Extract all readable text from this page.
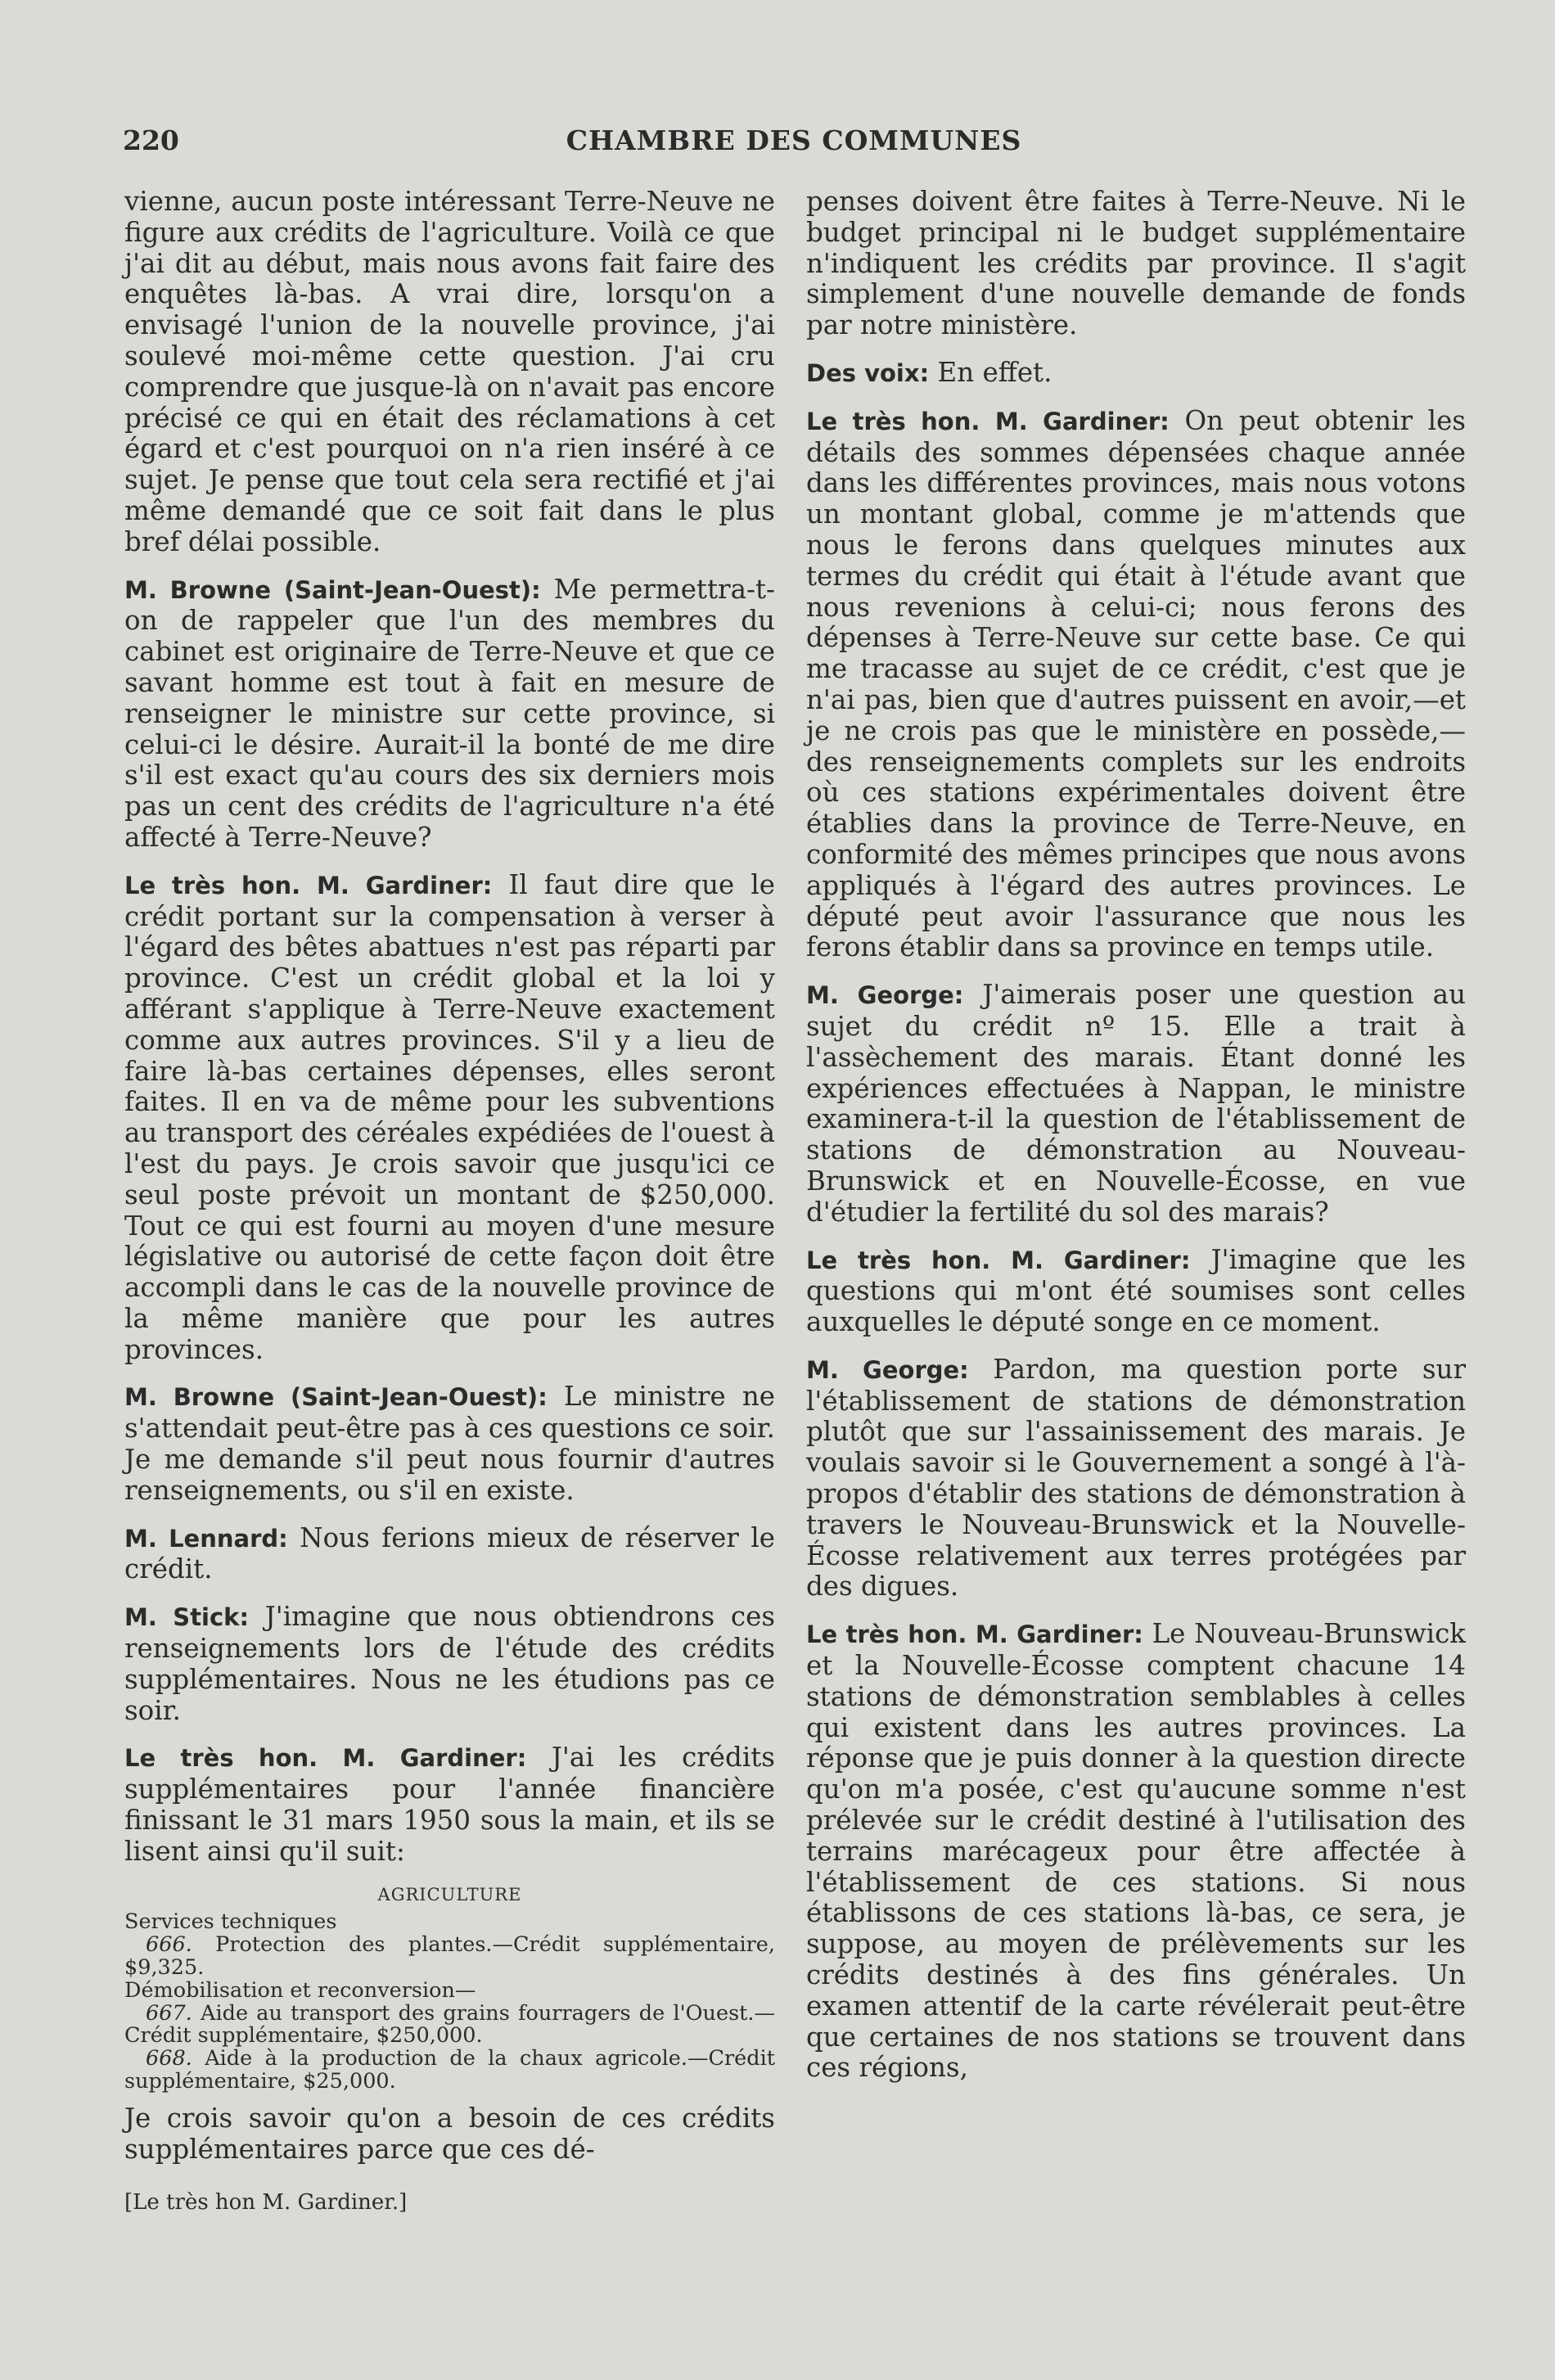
220	CHAMBRE DES COMMUNES

vienne, aucun poste intéressant Terre-Neuve ne figure aux crédits de l'agriculture. Voilà ce que j'ai dit au début, mais nous avons fait faire des enquêtes là-bas. A vrai dire, lorsqu'on a envisagé l'union de la nouvelle province, j'ai soulevé moi-même cette question. J'ai cru comprendre que jusque-là on n'avait pas encore précisé ce qui en était des réclamations à cet égard et c'est pourquoi on n'a rien inséré à ce sujet. Je pense que tout cela sera rectifié et j'ai même demandé que ce soit fait dans le plus bref délai possible.

M. Browne (Saint-Jean-Ouest): Me permettra-t-on de rappeler que l'un des membres du cabinet est originaire de Terre-Neuve et que ce savant homme est tout à fait en mesure de renseigner le ministre sur cette province, si celui-ci le désire. Aurait-il la bonté de me dire s'il est exact qu'au cours des six derniers mois pas un cent des crédits de l'agriculture n'a été affecté à Terre-Neuve?

Le très hon. M. Gardiner: Il faut dire que le crédit portant sur la compensation à verser à l'égard des bêtes abattues n'est pas réparti par province. C'est un crédit global et la loi y afférant s'applique à Terre-Neuve exactement comme aux autres provinces. S'il y a lieu de faire là-bas certaines dépenses, elles seront faites. Il en va de même pour les subventions au transport des céréales expédiées de l'ouest à l'est du pays. Je crois savoir que jusqu'ici ce seul poste prévoit un montant de $250,000. Tout ce qui est fourni au moyen d'une mesure législative ou autorisé de cette façon doit être accompli dans le cas de la nouvelle province de la même manière que pour les autres provinces.

M. Browne (Saint-Jean-Ouest): Le ministre ne s'attendait peut-être pas à ces questions ce soir. Je me demande s'il peut nous fournir d'autres renseignements, ou s'il en existe.

M. Lennard: Nous ferions mieux de réserver le crédit.

M. Stick: J'imagine que nous obtiendrons ces renseignements lors de l'étude des crédits supplémentaires. Nous ne les étudions pas ce soir.

Le très hon. M. Gardiner: J'ai les crédits supplémentaires pour l'année financière finissant le 31 mars 1950 sous la main, et ils se lisent ainsi qu'il suit:

AGRICULTURE

Services techniques

666. Protection des plantes.—Crédit supplémentaire, $9,325.

Démobilisation et reconversion—

667. Aide au transport des grains fourragers de l'Ouest.—Crédit supplémentaire, $250,000.

668. Aide à la production de la chaux agricole.—Crédit supplémentaire, $25,000.

Je crois savoir qu'on a besoin de ces crédits supplémentaires parce que ces dé-

penses doivent être faites à Terre-Neuve. Ni le budget principal ni le budget supplémentaire n'indiquent les crédits par province. Il s'agit simplement d'une nouvelle demande de fonds par notre ministère.

Des voix: En effet.

Le très hon. M. Gardiner: On peut obtenir les détails des sommes dépensées chaque année dans les différentes provinces, mais nous votons un montant global, comme je m'attends que nous le ferons dans quelques minutes aux termes du crédit qui était à l'étude avant que nous revenions à celui-ci; nous ferons des dépenses à Terre-Neuve sur cette base. Ce qui me tracasse au sujet de ce crédit, c'est que je n'ai pas, bien que d'autres puissent en avoir,—et je ne crois pas que le ministère en possède,—des renseignements complets sur les endroits où ces stations expérimentales doivent être établies dans la province de Terre-Neuve, en conformité des mêmes principes que nous avons appliqués à l'égard des autres provinces. Le député peut avoir l'assurance que nous les ferons établir dans sa province en temps utile.

M. George: J'aimerais poser une question au sujet du crédit nº 15. Elle a trait à l'assèchement des marais. Étant donné les expériences effectuées à Nappan, le ministre examinera-t-il la question de l'établissement de stations de démonstration au Nouveau-Brunswick et en Nouvelle-Écosse, en vue d'étudier la fertilité du sol des marais?

Le très hon. M. Gardiner: J'imagine que les questions qui m'ont été soumises sont celles auxquelles le député songe en ce moment.

M. George: Pardon, ma question porte sur l'établissement de stations de démonstration plutôt que sur l'assainissement des marais. Je voulais savoir si le Gouvernement a songé à l'à-propos d'établir des stations de démonstration à travers le Nouveau-Brunswick et la Nouvelle-Écosse relativement aux terres protégées par des digues.

Le très hon. M. Gardiner: Le Nouveau-Brunswick et la Nouvelle-Écosse comptent chacune 14 stations de démonstration semblables à celles qui existent dans les autres provinces. La réponse que je puis donner à la question directe qu'on m'a posée, c'est qu'aucune somme n'est prélevée sur le crédit destiné à l'utilisation des terrains marécageux pour être affectée à l'établissement de ces stations. Si nous établissons de ces stations là-bas, ce sera, je suppose, au moyen de prélèvements sur les crédits destinés à des fins générales. Un examen attentif de la carte révélerait peut-être que certaines de nos stations se trouvent dans ces régions,

[Le très hon M. Gardiner.]
